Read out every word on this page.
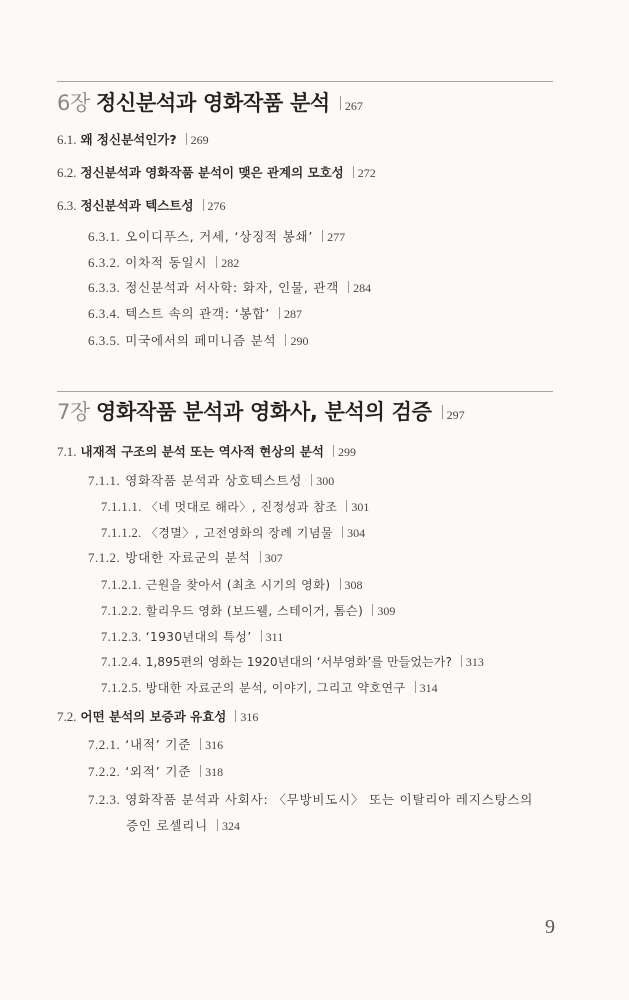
6장 정신분석과 영화작품 분석 267
6.1. 왜 정신분석인가? 269
6.2. 정신분석과 영화작품 분석이 맺은 관계의 모호성 272
6.3. 정신분석과 텍스트성 276
6.3.1. 오이디푸스, 거세, ‘상징적 봉쇄’ 277
6.3.2. 이차적 동일시 282
6.3.3. 정신분석과 서사학: 화자, 인물, 관객 284
6.3.4. 텍스트 속의 관객: ‘봉합’ 287
6.3.5. 미국에서의 페미니즘 분석 290
7장 영화작품 분석과 영화사, 분석의 검증 297
7.1. 내재적 구조의 분석 또는 역사적 현상의 분석 299
7.1.1. 영화작품 분석과 상호텍스트성 300
7.1.1.1. 〈네 멋대로 해라〉, 진정성과 참조 301
7.1.1.2. 〈경멸〉, 고전영화의 장례 기념물 304
7.1.2. 방대한 자료군의 분석 307
7.1.2.1. 근원을 찾아서 (최초 시기의 영화) 308
7.1.2.2. 할리우드 영화 (보드웰, 스테이거, 톰슨) 309
7.1.2.3. ‘1930년대의 특성’ 311
7.1.2.4. 1,895편의 영화는 1920년대의 ‘서부영화’를 만들었는가? 313
7.1.2.5. 방대한 자료군의 분석, 이야기, 그리고 약호연구 314
7.2. 어떤 분석의 보증과 유효성 316
7.2.1. ‘내적’ 기준 316
7.2.2. ‘외적’ 기준 318
7.2.3. 영화작품 분석과 사회사: 〈무방비도시〉 또는 이탈리아 레지스탕스의
증인 로셀리니 324
9
